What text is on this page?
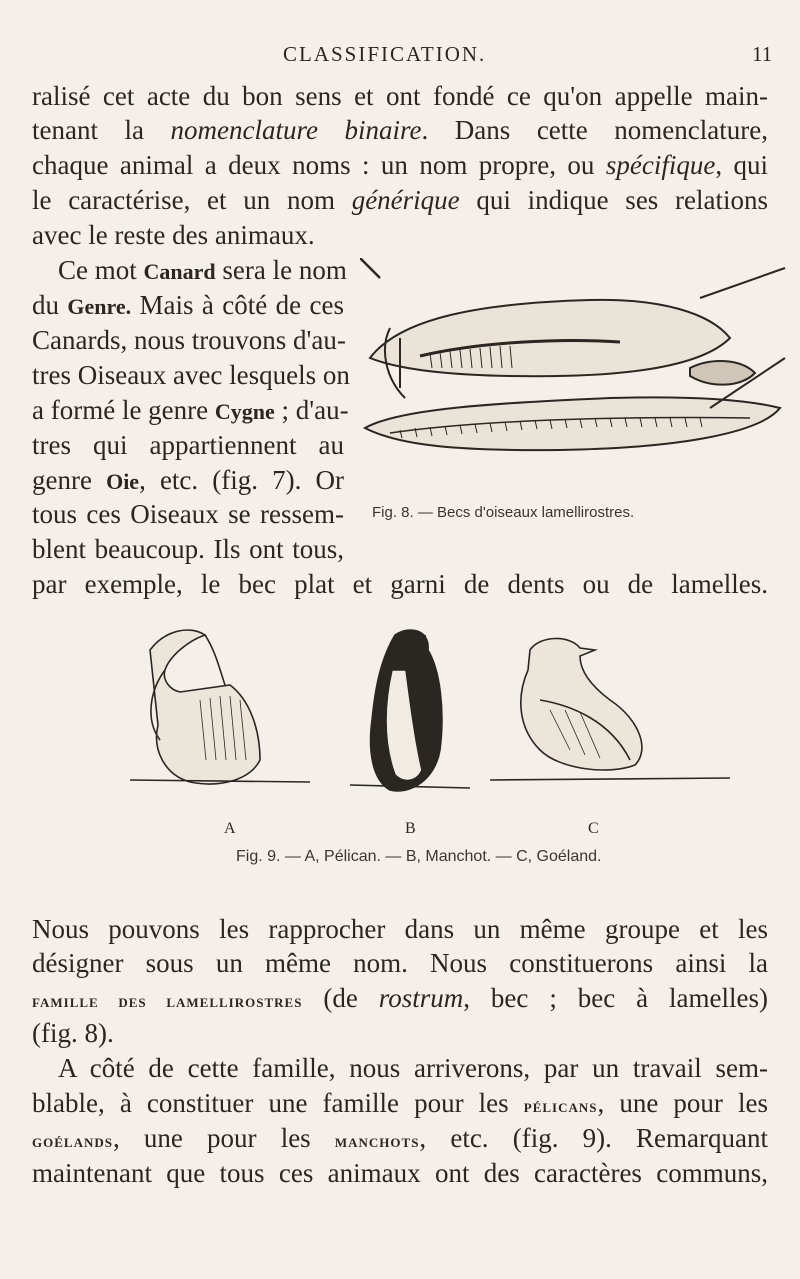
CLASSIFICATION.	11
ralisé cet acte du bon sens et ont fondé ce qu'on appelle main-
tenant la nomenclature binaire. Dans cette nomenclature,
chaque animal a deux noms : un nom propre, ou spécifique, qui
le caractérise, et un nom générique qui indique ses relations
avec le reste des animaux.
Ce mot Canard sera le nom
du Genre. Mais à côté de ces
Canards, nous trouvons d'au-
tres Oiseaux avec lesquels on
a formé le genre Cygne ; d'au-
tres qui appartiennent au
genre Oie, etc. (fig. 7). Or
tous ces Oiseaux se ressem-
blent beaucoup. Ils ont tous,
par exemple, le bec plat et garni de dents ou de lamelles.
Fig. 8. — Becs d'oiseaux lamellirostres.
A	B	C
Fig. 9. — A, Pélican. — B, Manchot. — C, Goéland.
Nous pouvons les rapprocher dans un même groupe et les
désigner sous un même nom. Nous constituerons ainsi la
famille des lamellirostres (de rostrum, bec ; bec à lamelles)
(fig. 8).
A côté de cette famille, nous arriverons, par un travail sem-
blable, à constituer une famille pour les pélicans, une pour les
goélands, une pour les manchots, etc. (fig. 9). Remarquant
maintenant que tous ces animaux ont des caractères communs,
